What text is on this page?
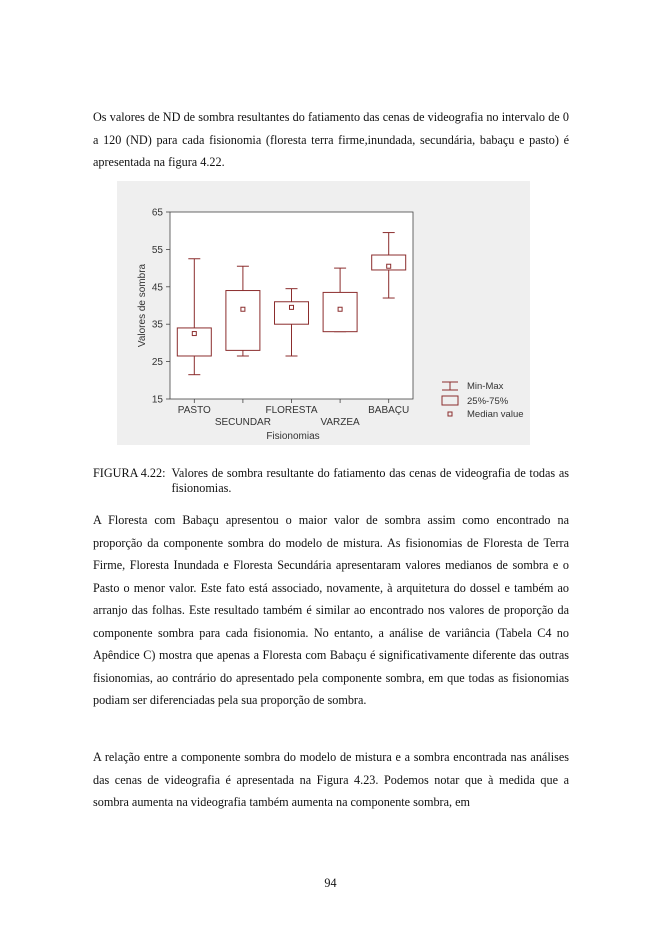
Os valores de ND de sombra resultantes do fatiamento das cenas de videografia no intervalo de 0 a 120 (ND) para cada fisionomia (floresta terra firme,inundada, secundária, babaçu e pasto) é apresentada na figura 4.22.

15
25
35
45
55
65
PASTO
SECUNDAR
FLORESTA
VARZEA
BABAÇU
Valores de sombra
Fisionomias
Min-Max
25%-75%
Median value
FIGURA 4.22: Valores de sombra resultante do fatiamento das cenas de videografia de todas as fisionomias.

A Floresta com Babaçu apresentou o maior valor de sombra assim como encontrado na proporção da componente sombra do modelo de mistura. As fisionomias de Floresta de Terra Firme, Floresta Inundada e Floresta Secundária apresentaram valores medianos de sombra e o Pasto o menor valor. Este fato está associado, novamente, à arquitetura do dossel e também ao arranjo das folhas. Este resultado também é similar ao encontrado nos valores de proporção da componente sombra para cada fisionomia. No entanto, a análise de variância (Tabela C4 no Apêndice C) mostra que apenas a Floresta com Babaçu é significativamente diferente das outras fisionomias, ao contrário do apresentado pela componente sombra, em que todas as fisionomias podiam ser diferenciadas pela sua proporção de sombra.

A relação entre a componente sombra do modelo de mistura e a sombra encontrada nas análises das cenas de videografia é apresentada na Figura 4.23. Podemos notar que à medida que a sombra aumenta na videografia também aumenta na componente sombra, em

94
